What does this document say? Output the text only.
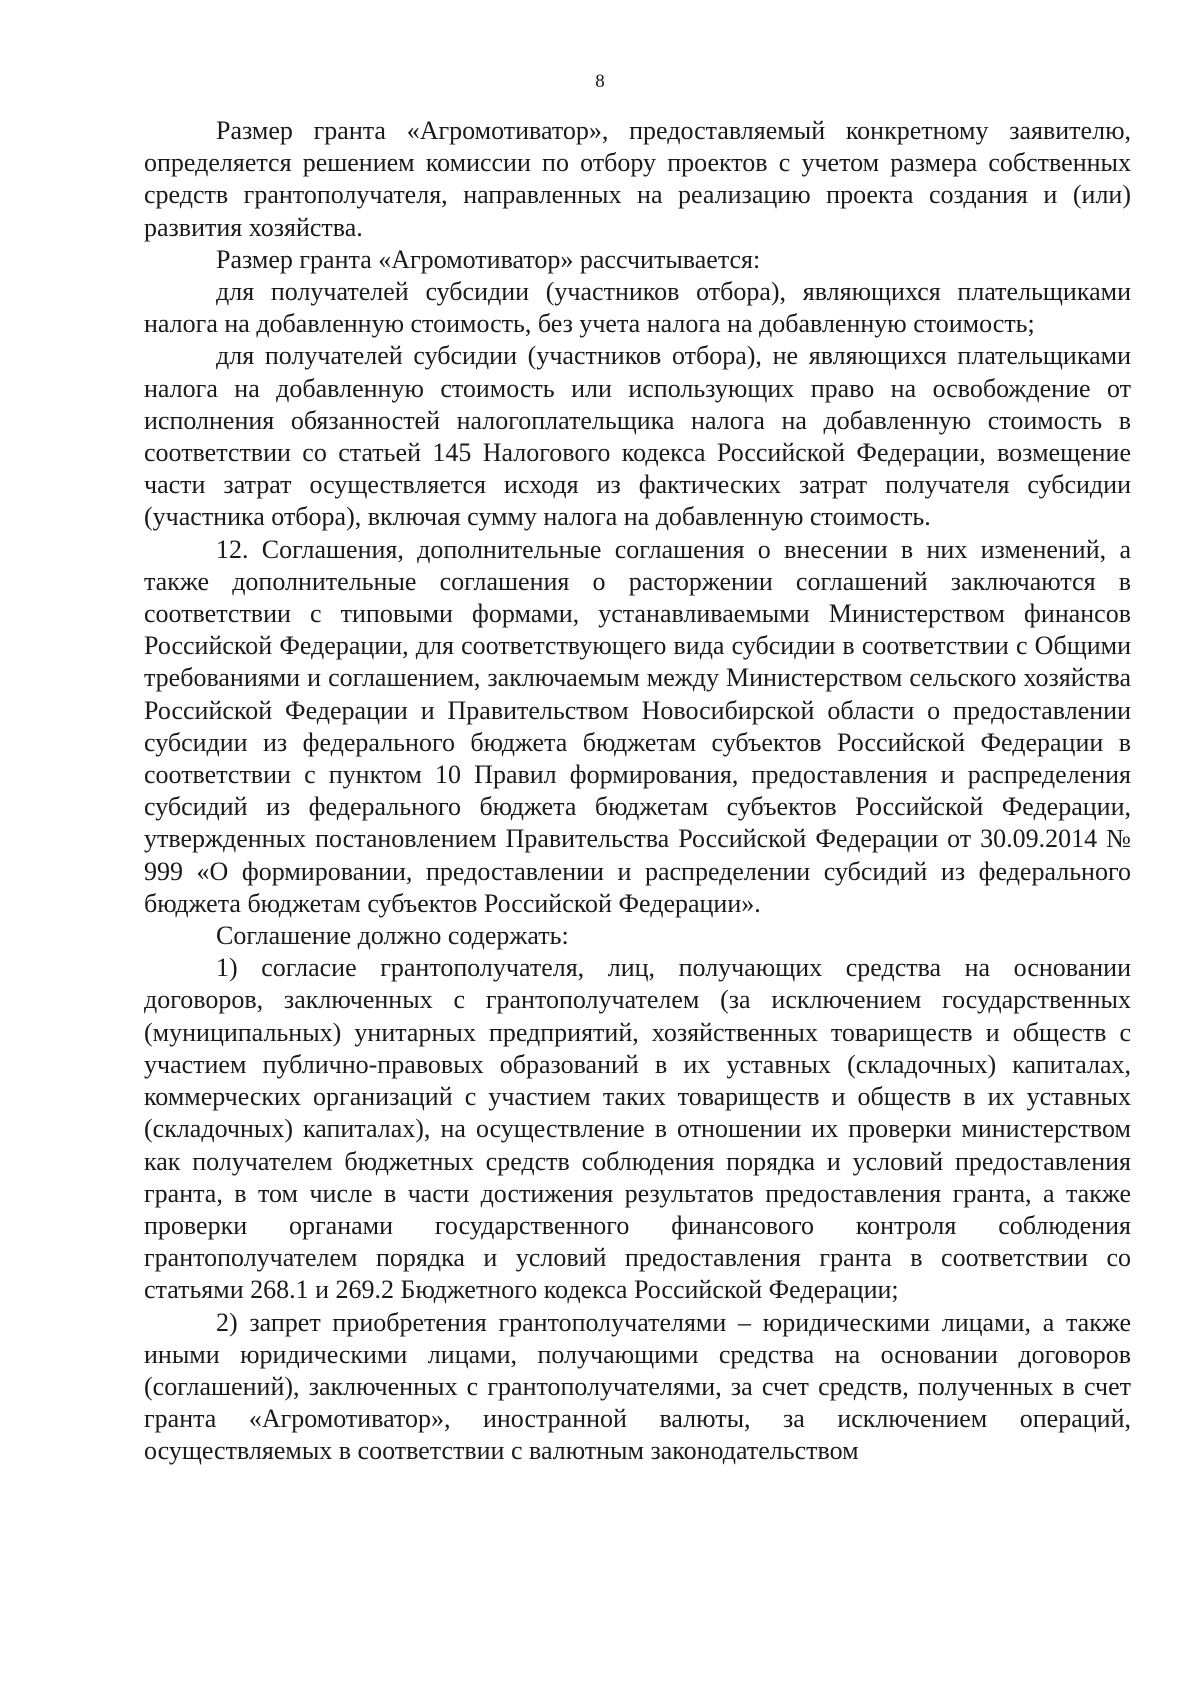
8

Размер гранта «Агромотиватор», предоставляемый конкретному заявителю, определяется решением комиссии по отбору проектов с учетом размера собственных средств грантополучателя, направленных на реализацию проекта создания и (или) развития хозяйства.

Размер гранта «Агромотиватор» рассчитывается:

для получателей субсидии (участников отбора), являющихся плательщиками налога на добавленную стоимость, без учета налога на добавленную стоимость;

для получателей субсидии (участников отбора), не являющихся плательщиками налога на добавленную стоимость или использующих право на освобождение от исполнения обязанностей налогоплательщика налога на добавленную стоимость в соответствии со статьей 145 Налогового кодекса Российской Федерации, возмещение части затрат осуществляется исходя из фактических затрат получателя субсидии (участника отбора), включая сумму налога на добавленную стоимость.

12. Соглашения, дополнительные соглашения о внесении в них изменений, а также дополнительные соглашения о расторжении соглашений заключаются в соответствии с типовыми формами, устанавливаемыми Министерством финансов Российской Федерации, для соответствующего вида субсидии в соответствии с Общими требованиями и соглашением, заключаемым между Министерством сельского хозяйства Российской Федерации и Правительством Новосибирской области о предоставлении субсидии из федерального бюджета бюджетам субъектов Российской Федерации в соответствии с пунктом 10 Правил формирования, предоставления и распределения субсидий из федерального бюджета бюджетам субъектов Российской Федерации, утвержденных постановлением Правительства Российской Федерации от 30.09.2014 № 999 «О формировании, предоставлении и распределении субсидий из федерального бюджета бюджетам субъектов Российской Федерации».

Соглашение должно содержать:

1) согласие грантополучателя, лиц, получающих средства на основании договоров, заключенных с грантополучателем (за исключением государственных (муниципальных) унитарных предприятий, хозяйственных товариществ и обществ с участием публично-правовых образований в их уставных (складочных) капиталах, коммерческих организаций с участием таких товариществ и обществ в их уставных (складочных) капиталах), на осуществление в отношении их проверки министерством как получателем бюджетных средств соблюдения порядка и условий предоставления гранта, в том числе в части достижения результатов предоставления гранта, а также проверки органами государственного финансового контроля соблюдения грантополучателем порядка и условий предоставления гранта в соответствии со статьями 268.1 и 269.2 Бюджетного кодекса Российской Федерации;

2) запрет приобретения грантополучателями – юридическими лицами, а также иными юридическими лицами, получающими средства на основании договоров (соглашений), заключенных с грантополучателями, за счет средств, полученных в счет гранта «Агромотиватор», иностранной валюты, за исключением операций, осуществляемых в соответствии с валютным законодательством
